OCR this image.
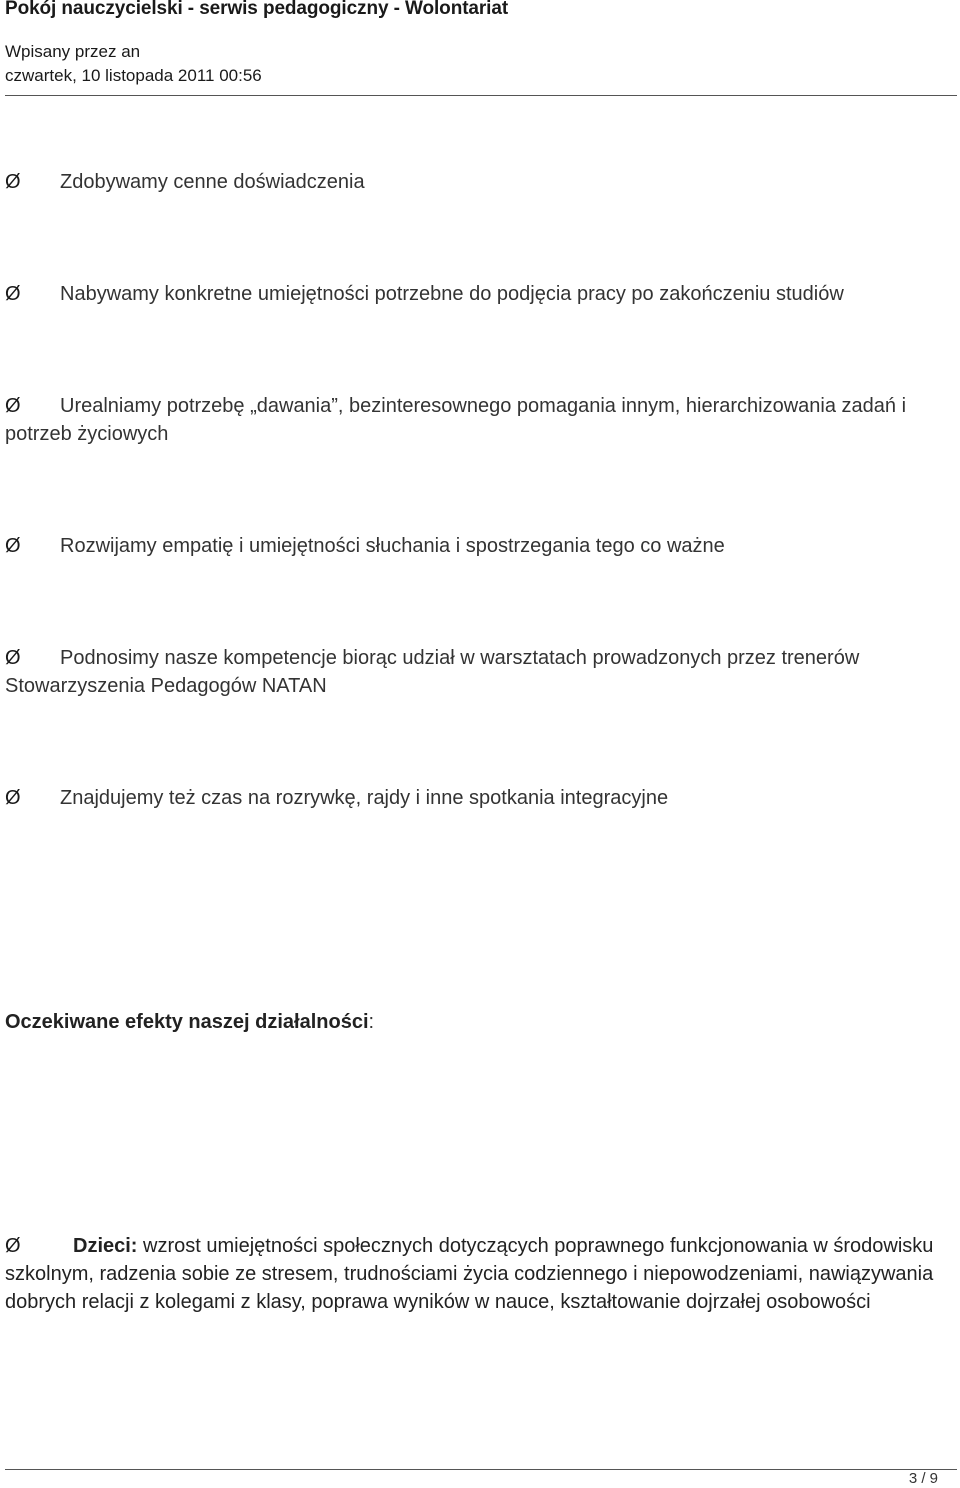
Pokój nauczycielski - serwis pedagogiczny - Wolontariat
Wpisany przez an
czwartek, 10 listopada 2011 00:56
Ø Zdobywamy cenne doświadczenia
Ø Nabywamy konkretne umiejętności potrzebne do podjęcia pracy po zakończeniu studiów
Ø Urealniamy potrzebę „dawania”, bezinteresownego pomagania innym, hierarchizowania zadań i potrzeb życiowych
Ø Rozwijamy empatię i umiejętności słuchania i spostrzegania tego co ważne
Ø Podnosimy nasze kompetencje biorąc udział w warsztatach prowadzonych przez trenerów Stowarzyszenia Pedagogów NATAN
Ø Znajdujemy też czas na rozrywkę, rajdy i inne spotkania integracyjne
Oczekiwane efekty naszej działalności:
Ø	Dzieci: wzrost umiejętności społecznych dotyczących poprawnego funkcjonowania w środowisku szkolnym, radzenia sobie ze stresem, trudnościami życia codziennego i niepowodzeniami, nawiązywania dobrych relacji z kolegami z klasy, poprawa wyników w nauce, kształtowanie dojrzałej osobowości
3 / 9
